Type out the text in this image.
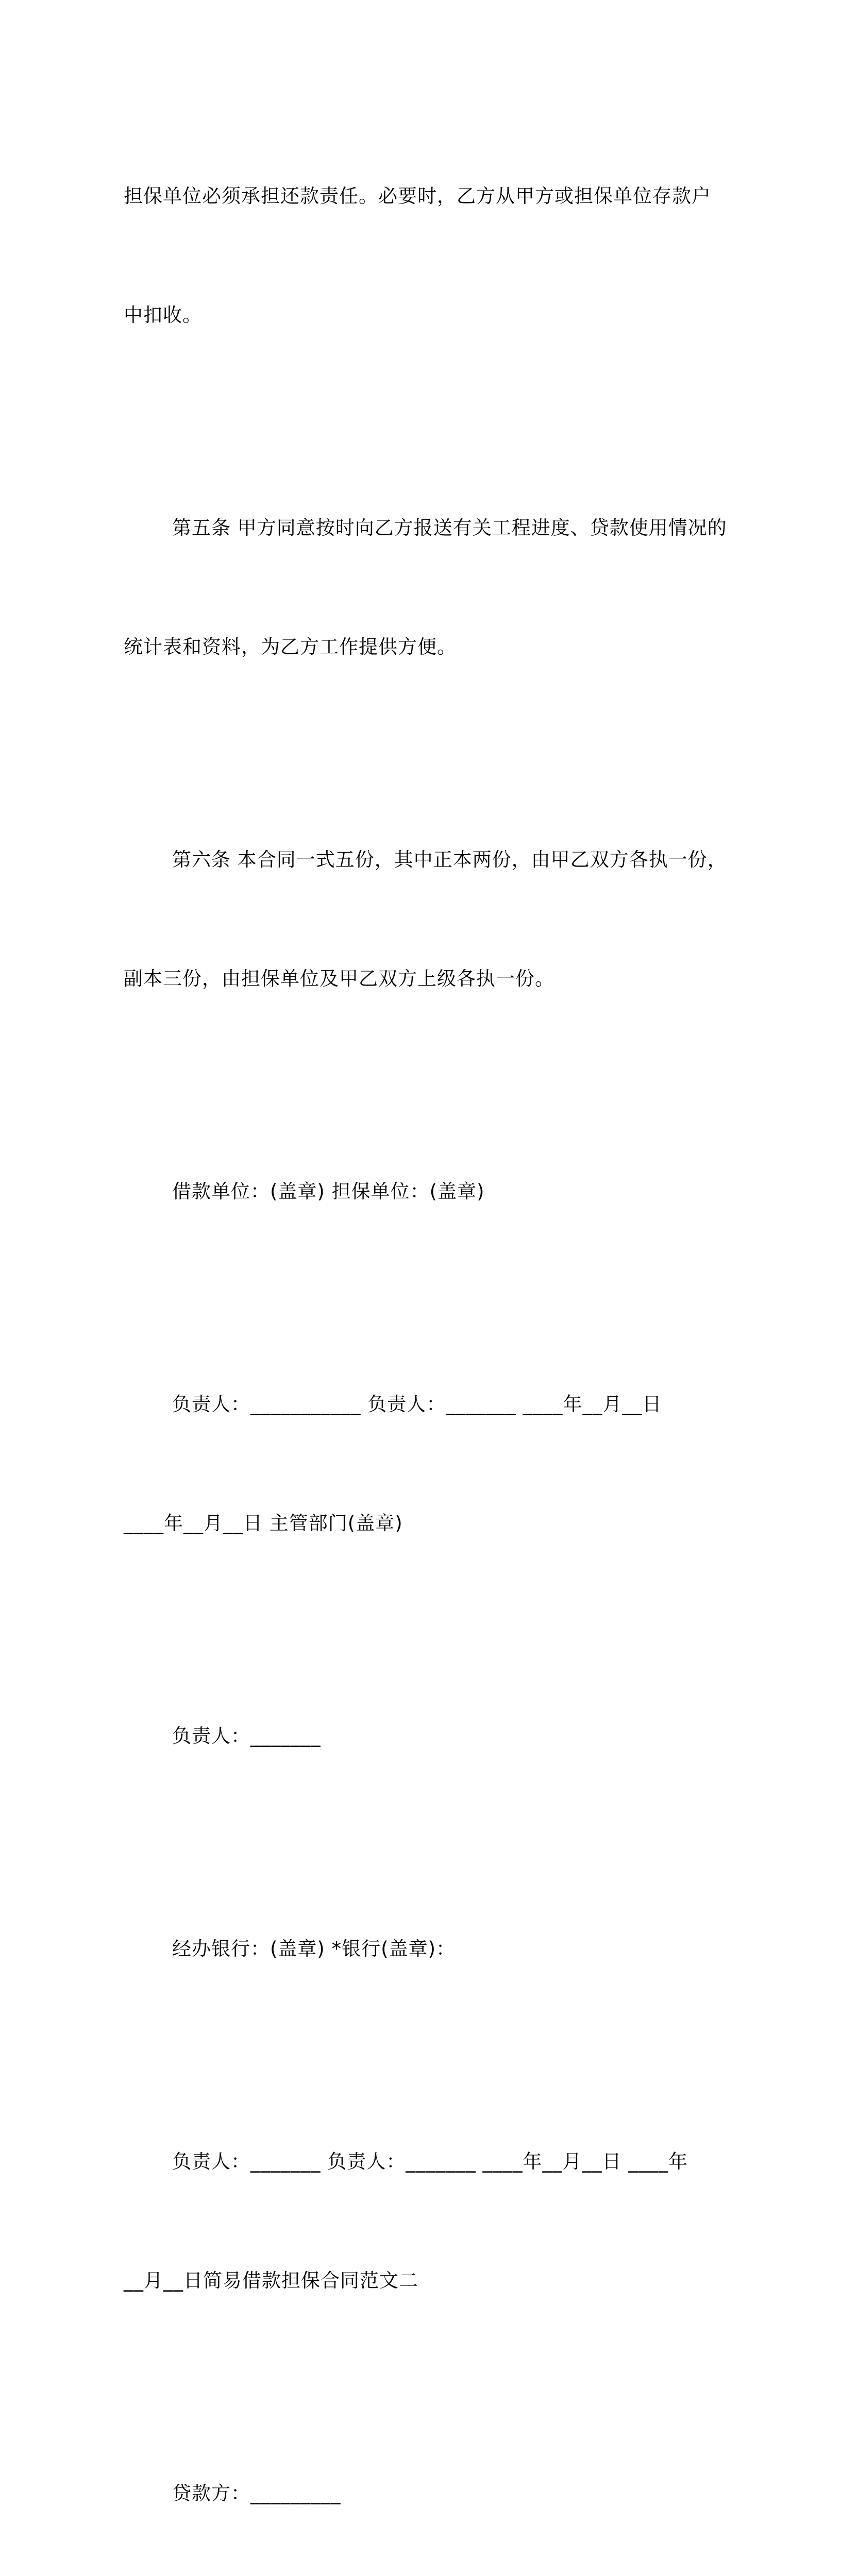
担保单位必须承担还款责任。必要时，乙方从甲方或担保单位存款户

中扣收。

第五条 甲方同意按时向乙方报送有关工程进度、贷款使用情况的

统计表和资料，为乙方工作提供方便。

第六条 本合同一式五份，其中正本两份，由甲乙双方各执一份，

副本三份，由担保单位及甲乙双方上级各执一份。

借款单位：(盖章) 担保单位：(盖章)

负责人：___________ 负责人：_______ ____年__月__日

____年__月__日 主管部门(盖章)

负责人：_______

经办银行：(盖章) *银行(盖章)：

负责人：_______ 负责人：_______ ____年__月__日 ____年

__月__日简易借款担保合同范文二

贷款方：_________
